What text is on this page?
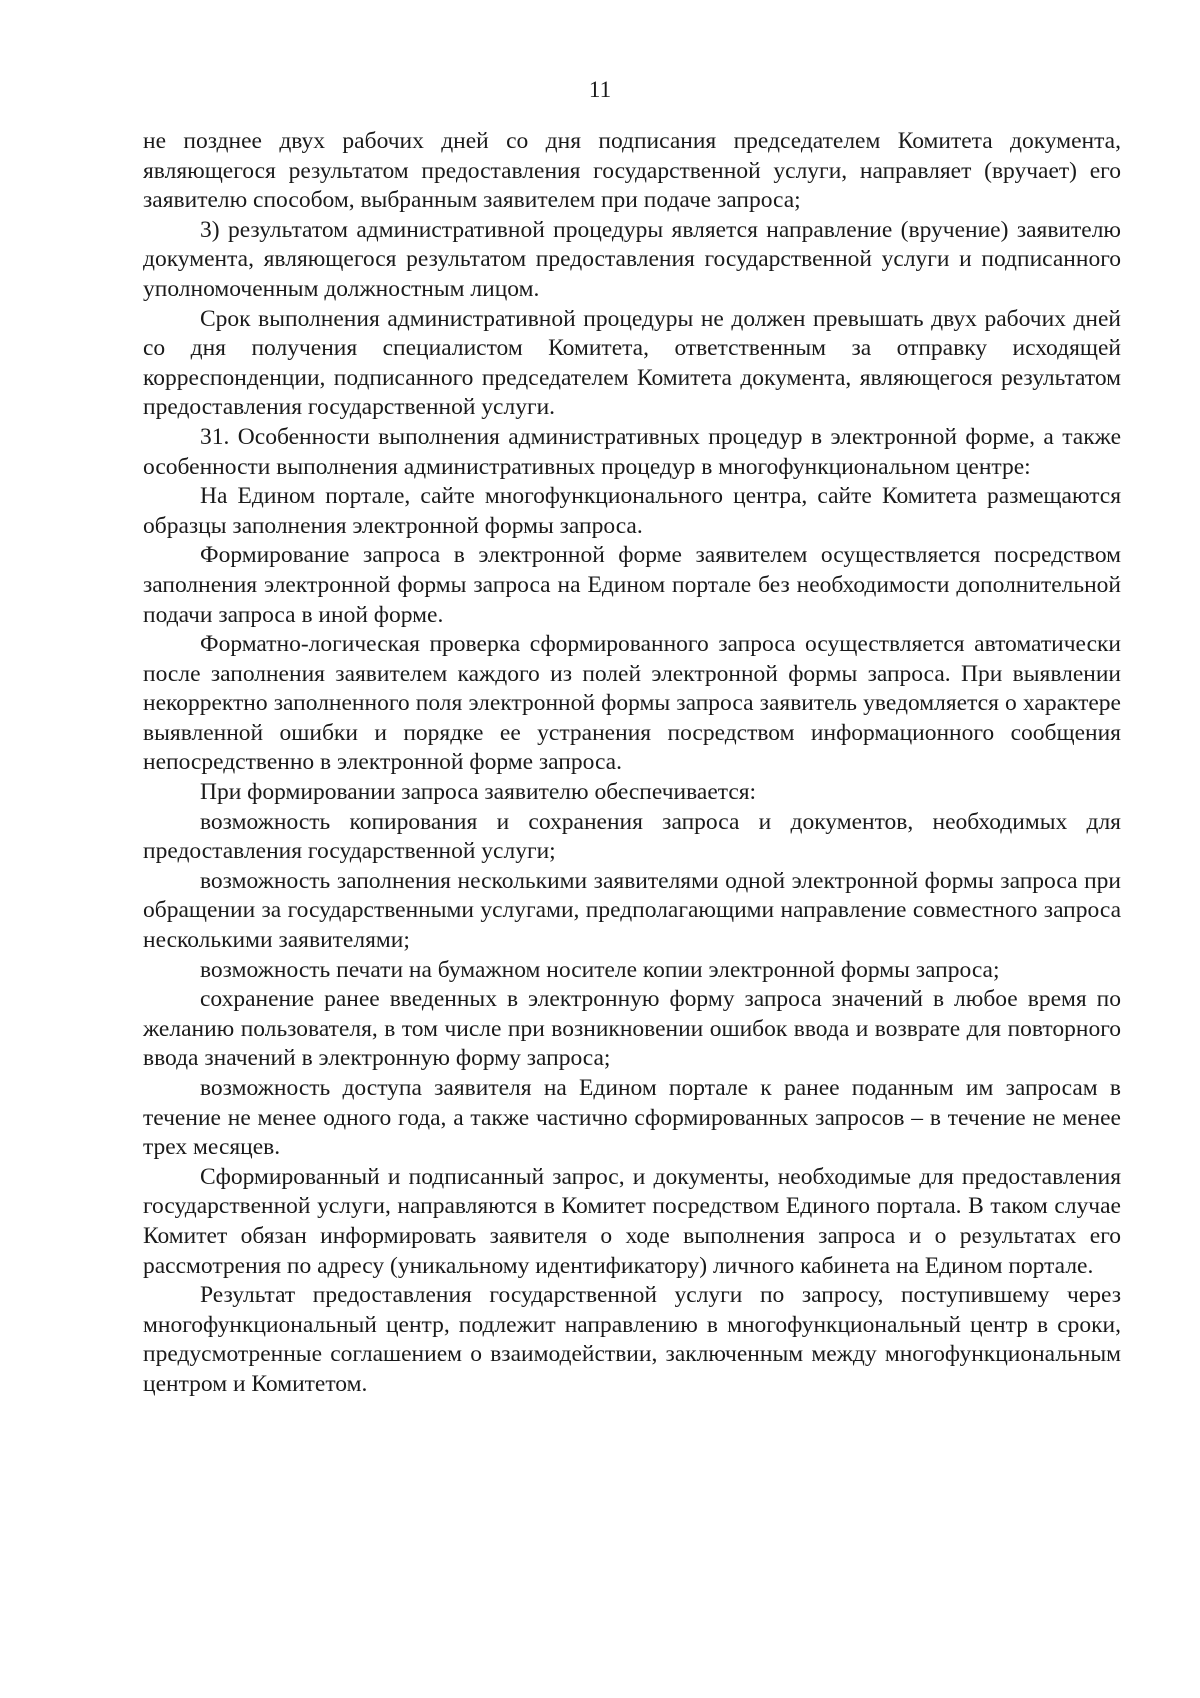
11

не позднее двух рабочих дней со дня подписания председателем Комитета документа, являющегося результатом предоставления государственной услуги, направляет (вручает) его заявителю способом, выбранным заявителем при подаче запроса;

3) результатом административной процедуры является направление (вручение) заявителю документа, являющегося результатом предоставления государственной услуги и подписанного уполномоченным должностным лицом.

Срок выполнения административной процедуры не должен превышать двух рабочих дней со дня получения специалистом Комитета, ответственным за отправку исходящей корреспонденции, подписанного председателем Комитета документа, являющегося результатом предоставления государственной услуги.

31. Особенности выполнения административных процедур в электронной форме, а также особенности выполнения административных процедур в многофункциональном центре:

На Едином портале, сайте многофункционального центра, сайте Комитета размещаются образцы заполнения электронной формы запроса.

Формирование запроса в электронной форме заявителем осуществляется посредством заполнения электронной формы запроса на Едином портале без необходимости дополнительной подачи запроса в иной форме.

Форматно-логическая проверка сформированного запроса осуществляется автоматически после заполнения заявителем каждого из полей электронной формы запроса. При выявлении некорректно заполненного поля электронной формы запроса заявитель уведомляется о характере выявленной ошибки и порядке ее устранения посредством информационного сообщения непосредственно в электронной форме запроса.

При формировании запроса заявителю обеспечивается:

возможность копирования и сохранения запроса и документов, необходимых для предоставления государственной услуги;

возможность заполнения несколькими заявителями одной электронной формы запроса при обращении за государственными услугами, предполагающими направление совместного запроса несколькими заявителями;

возможность печати на бумажном носителе копии электронной формы запроса;

сохранение ранее введенных в электронную форму запроса значений в любое время по желанию пользователя, в том числе при возникновении ошибок ввода и возврате для повторного ввода значений в электронную форму запроса;

возможность доступа заявителя на Едином портале к ранее поданным им запросам в течение не менее одного года, а также частично сформированных запросов – в течение не менее трех месяцев.

Сформированный и подписанный запрос, и документы, необходимые для предоставления государственной услуги, направляются в Комитет посредством Единого портала. В таком случае Комитет обязан информировать заявителя о ходе выполнения запроса и о результатах его рассмотрения по адресу (уникальному идентификатору) личного кабинета на Едином портале.

Результат предоставления государственной услуги по запросу, поступившему через многофункциональный центр, подлежит направлению в многофункциональный центр в сроки, предусмотренные соглашением о взаимодействии, заключенным между многофункциональным центром и Комитетом.
